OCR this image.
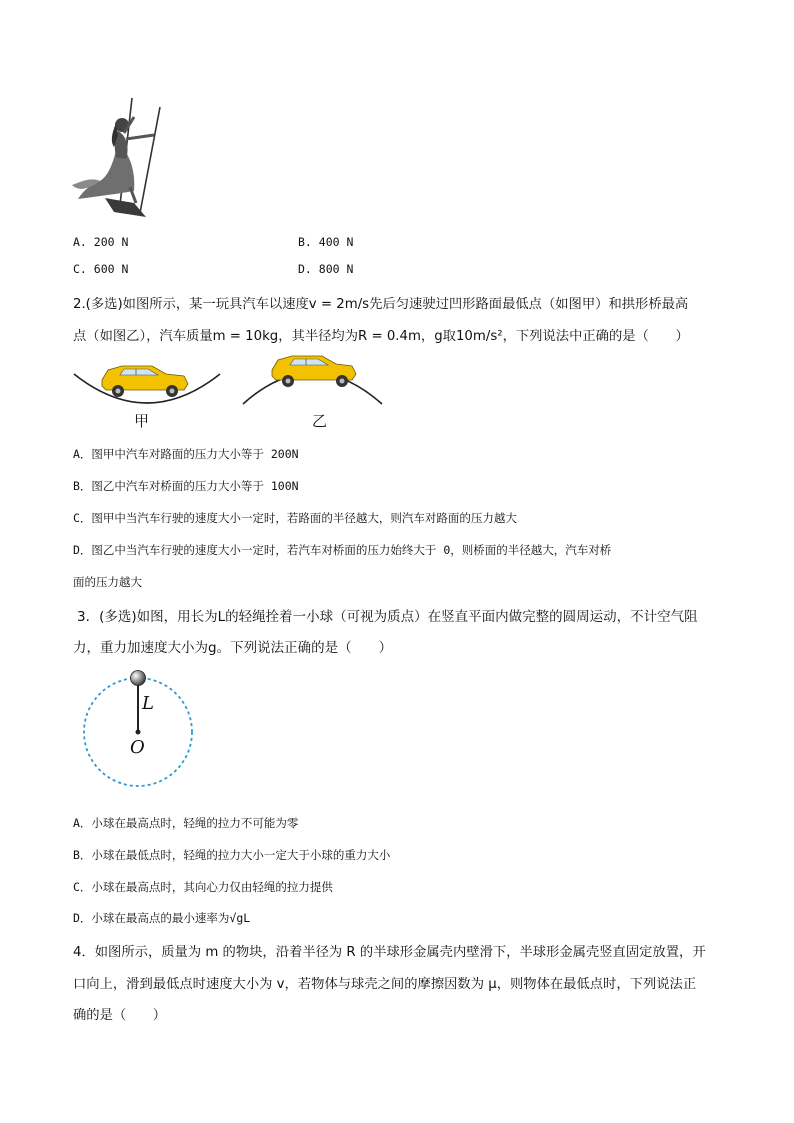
A. 200 N	B. 400 N
C. 600 N	D. 800 N
2.(多选)如图所示，某一玩具汽车以速度v = 2m/s先后匀速驶过凹形路面最低点（如图甲）和拱形桥最高
点（如图乙），汽车质量m = 10kg，其半径均为R = 0.4m，g取10m/s²，下列说法中正确的是（　　）
甲	乙
A．图甲中汽车对路面的压力大小等于 200N
B．图乙中汽车对桥面的压力大小等于 100N
C．图甲中当汽车行驶的速度大小一定时，若路面的半径越大，则汽车对路面的压力越大
D．图乙中当汽车行驶的速度大小一定时，若汽车对桥面的压力始终大于 0，则桥面的半径越大，汽车对桥
面的压力越大
3．(多选)如图，用长为L的轻绳拴着一小球（可视为质点）在竖直平面内做完整的圆周运动，不计空气阻
力，重力加速度大小为g。下列说法正确的是（　　）
L
O
A．小球在最高点时，轻绳的拉力不可能为零
B．小球在最低点时，轻绳的拉力大小一定大于小球的重力大小
C．小球在最高点时，其向心力仅由轻绳的拉力提供
D．小球在最高点的最小速率为√gL
4．如图所示，质量为 m 的物块，沿着半径为 R 的半球形金属壳内壁滑下，半球形金属壳竖直固定放置，开
口向上，滑到最低点时速度大小为 v，若物体与球壳之间的摩擦因数为 μ，则物体在最低点时，下列说法正
确的是（　　）
